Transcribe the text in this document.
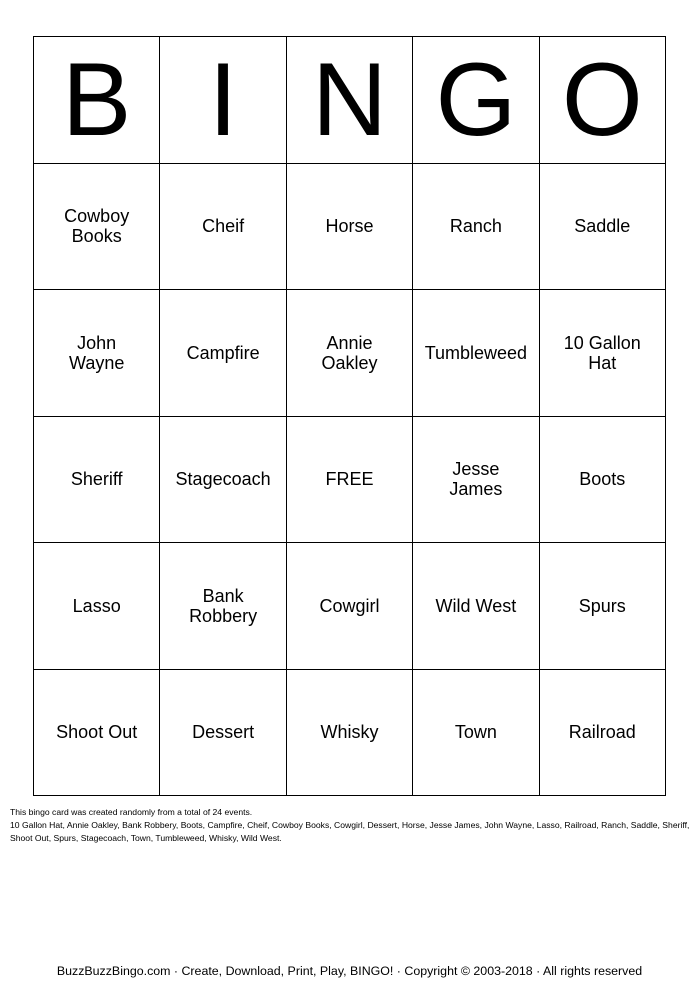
B I N G O
Cowboy Books	Cheif	Horse	Ranch	Saddle
John Wayne	Campfire	Annie Oakley	Tumbleweed	10 Gallon Hat
Sheriff	Stagecoach	FREE	Jesse James	Boots
Lasso	Bank Robbery	Cowgirl	Wild West	Spurs
Shoot Out	Dessert	Whisky	Town	Railroad
This bingo card was created randomly from a total of 24 events.
10 Gallon Hat, Annie Oakley, Bank Robbery, Boots, Campfire, Cheif, Cowboy Books, Cowgirl, Dessert, Horse, Jesse James, John Wayne, Lasso, Railroad, Ranch, Saddle, Sheriff, Shoot Out, Spurs, Stagecoach, Town, Tumbleweed, Whisky, Wild West.
BuzzBuzzBingo.com · Create, Download, Print, Play, BINGO! · Copyright © 2003-2018 · All rights reserved
